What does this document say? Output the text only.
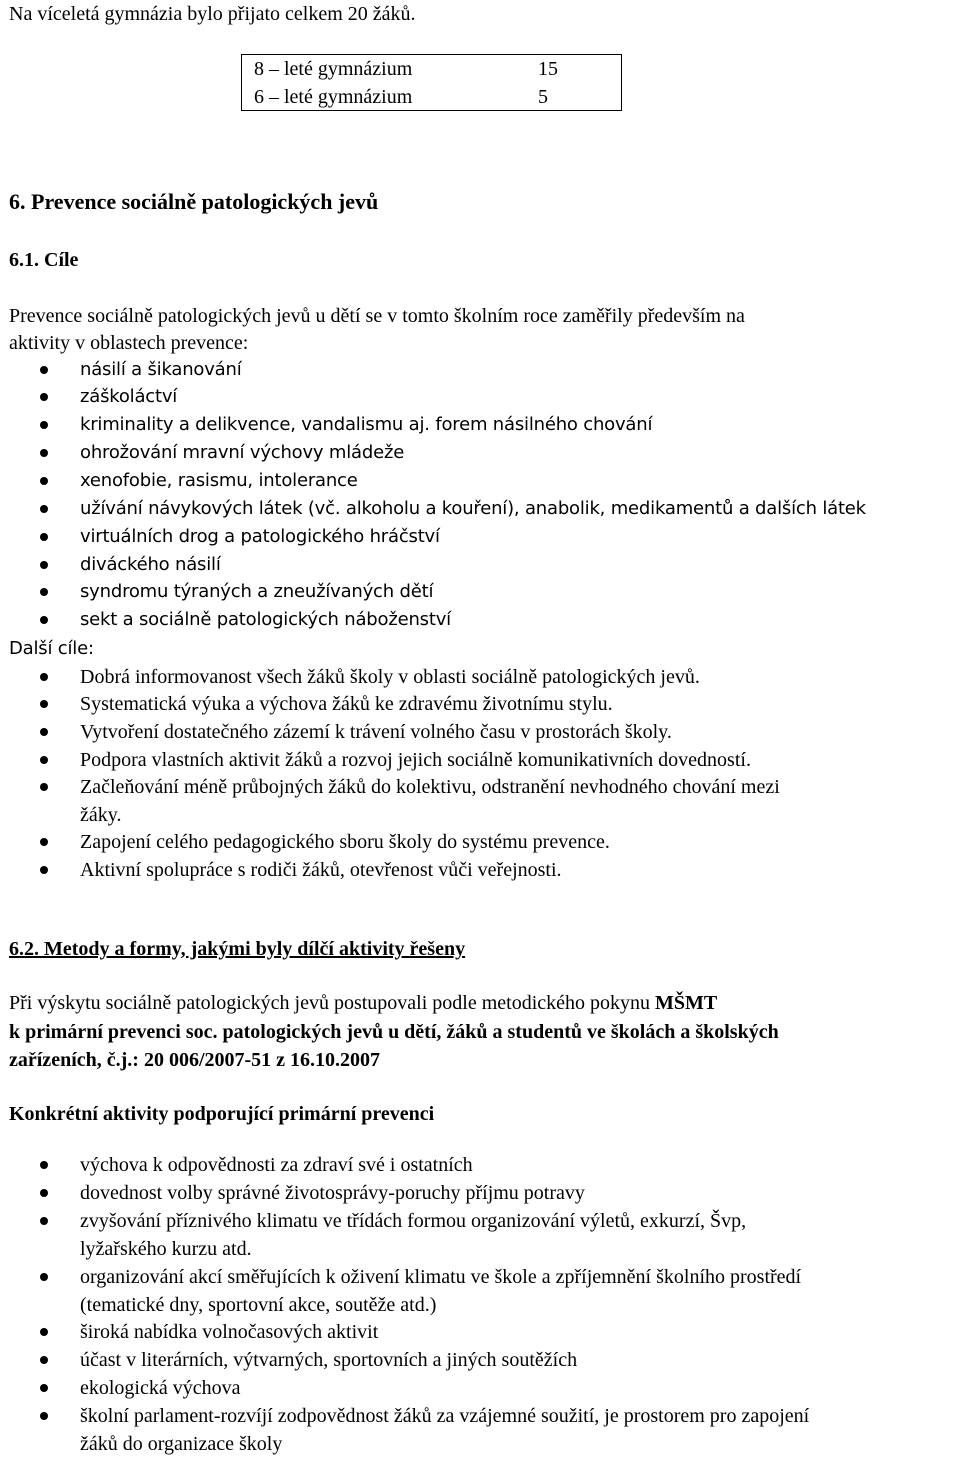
Na víceletá gymnázia bylo přijato celkem 20 žáků.
8 – leté gymnázium	15
6 – leté gymnázium	5
6. Prevence sociálně patologických jevů
6.1. Cíle
Prevence sociálně patologických jevů u dětí se v tomto školním roce zaměřily především na
aktivity v oblastech prevence:
násilí a šikanování
záškoláctví
kriminality a delikvence, vandalismu aj. forem násilného chování
ohrožování mravní výchovy mládeže
xenofobie, rasismu, intolerance
užívání návykových látek (vč. alkoholu a kouření), anabolik, medikamentů a dalších látek
virtuálních drog a patologického hráčství
diváckého násilí
syndromu týraných a zneužívaných dětí
sekt a sociálně patologických náboženství
Další cíle:
Dobrá informovanost všech žáků školy v oblasti sociálně patologických jevů.
Systematická výuka a výchova žáků ke zdravému životnímu stylu.
Vytvoření dostatečného zázemí k trávení volného času v prostorách školy.
Podpora vlastních aktivit žáků a rozvoj jejich sociálně komunikativních dovedností.
Začleňování méně průbojných žáků do kolektivu, odstranění nevhodného chování mezi
žáky.
Zapojení celého pedagogického sboru školy do systému prevence.
Aktivní spolupráce s rodiči žáků, otevřenost vůči veřejnosti.
6.2. Metody a formy, jakými byly dílčí aktivity řešeny
Při výskytu sociálně patologických jevů postupovali podle metodického pokynu MŠMT
k primární prevenci soc. patologických jevů u dětí, žáků a studentů ve školách a školských
zařízeních, č.j.: 20 006/2007-51 z 16.10.2007
Konkrétní aktivity podporující primární prevenci
výchova k odpovědnosti za zdraví své i ostatních
dovednost volby správné životosprávy-poruchy příjmu potravy
zvyšování příznivého klimatu ve třídách formou organizování výletů, exkurzí, Švp,
lyžařského kurzu atd.
organizování akcí směřujících k oživení klimatu ve škole a zpříjemnění školního prostředí
(tematické dny, sportovní akce, soutěže atd.)
široká nabídka volnočasových aktivit
účast v literárních, výtvarných, sportovních a jiných soutěžích
ekologická výchova
školní parlament-rozvíjí zodpovědnost žáků za vzájemné soužití, je prostorem pro zapojení
žáků do organizace školy
